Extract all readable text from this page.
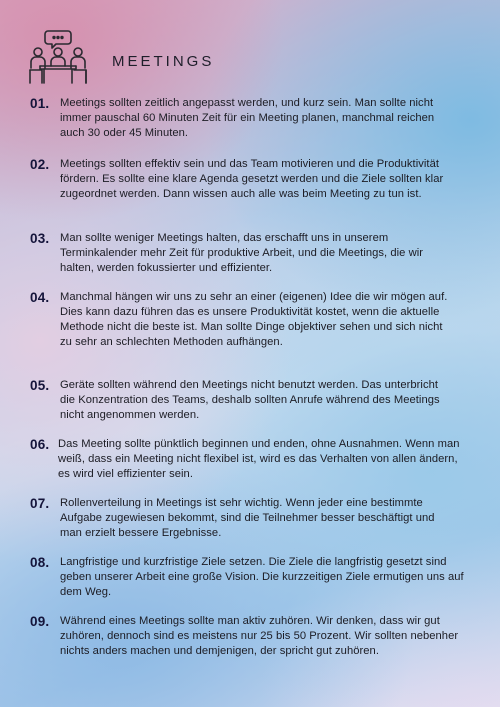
MEETINGS
01. Meetings sollten zeitlich angepasst werden, und kurz sein. Man sollte nicht immer pauschal 60 Minuten Zeit für ein Meeting planen, manchmal reichen auch 30 oder 45 Minuten.
02. Meetings sollten effektiv sein und das Team motivieren und die Produktivität fördern. Es sollte eine klare Agenda gesetzt werden und die Ziele sollten klar zugeordnet werden. Dann wissen auch alle was beim Meeting zu tun ist.
03. Man sollte weniger Meetings halten, das erschafft uns in unserem Terminkalender mehr Zeit für produktive Arbeit, und die Meetings, die wir halten, werden fokussierter und effizienter.
04. Manchmal hängen wir uns zu sehr an einer (eigenen) Idee die wir mögen auf. Dies kann dazu führen das es unsere Produktivität kostet, wenn die aktuelle Methode nicht die beste ist. Man sollte Dinge objektiver sehen und sich nicht zu sehr an schlechten Methoden aufhängen.
05. Geräte sollten während den Meetings nicht benutzt werden. Das unterbricht die Konzentration des Teams, deshalb sollten Anrufe während des Meetings nicht angenommen werden.
06. Das Meeting sollte pünktlich beginnen und enden, ohne Ausnahmen. Wenn man weiß, dass ein Meeting nicht flexibel ist, wird es das Verhalten von allen ändern, es wird viel effizienter sein.
07. Rollenverteilung in Meetings ist sehr wichtig. Wenn jeder eine bestimmte Aufgabe zugewiesen bekommt, sind die Teilnehmer besser beschäftigt und man erzielt bessere Ergebnisse.
08. Langfristige und kurzfristige Ziele setzen. Die Ziele die langfristig gesetzt sind geben unserer Arbeit eine große Vision. Die kurzzeitigen Ziele ermutigen uns auf dem Weg.
09. Während eines Meetings sollte man aktiv zuhören. Wir denken, dass wir gut zuhören, dennoch sind es meistens nur 25 bis 50 Prozent. Wir sollten nebenher nichts anders machen und demjenigen, der spricht gut zuhören.
